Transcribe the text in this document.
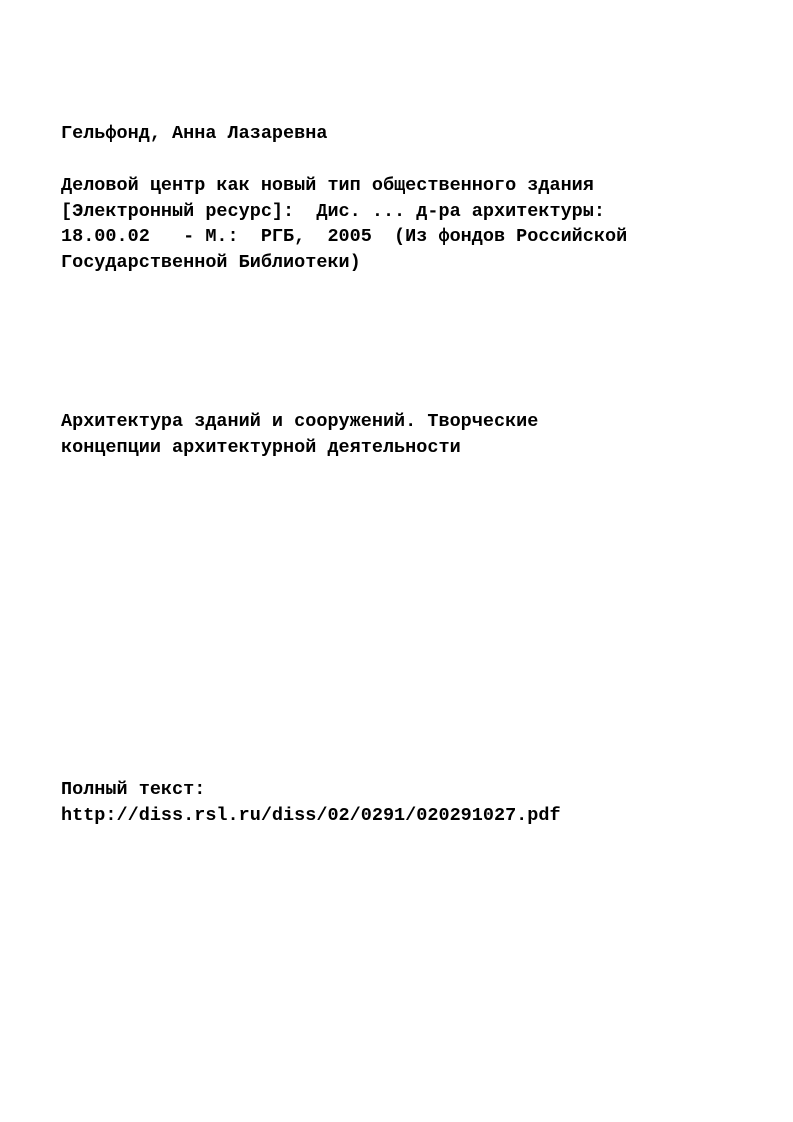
Гельфонд, Анна Лазаревна
Деловой центр как новый тип общественного здания
[Электронный ресурс]:  Дис. ... д-ра архитектуры:
18.00.02   - М.:  РГБ,  2005  (Из фондов Российской
Государственной Библиотеки)
Архитектура зданий и сооружений. Творческие
концепции архитектурной деятельности
Полный текст:
http://diss.rsl.ru/diss/02/0291/020291027.pdf
